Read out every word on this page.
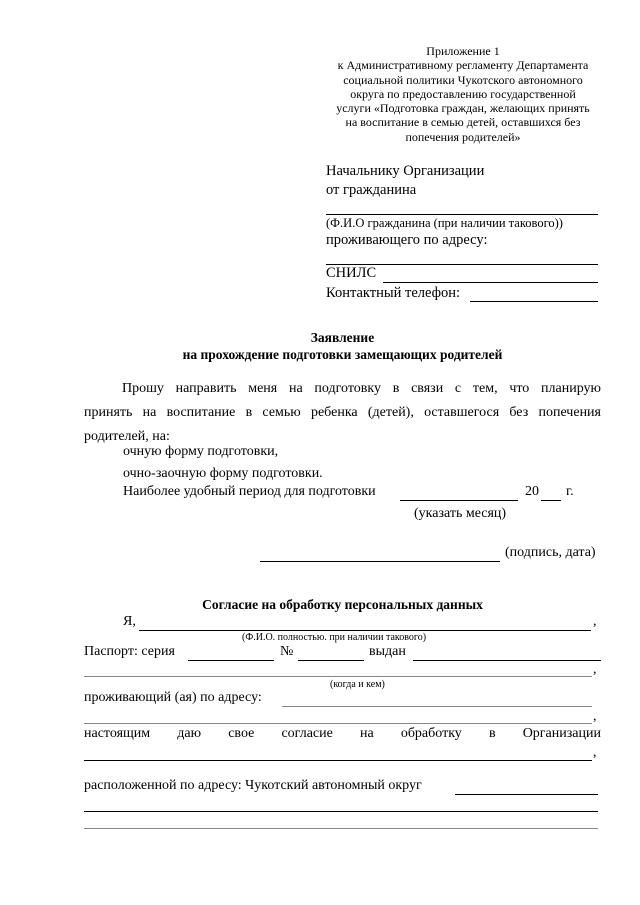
Приложение 1
к Административному регламенту Департамента
социальной политики Чукотского автономного
округа по предоставлению государственной
услуги «Подготовка граждан, желающих принять
на воспитание в семью детей, оставшихся без
попечения родителей»
Начальнику Организации
от гражданина
(Ф.И.О гражданина (при наличии такового))
проживающего по адресу:
СНИЛС
Контактный телефон:
Заявление
на прохождение подготовки замещающих родителей
Прошу направить меня на подготовку в связи с тем, что планирую
принять на воспитание в семью ребенка (детей), оставшегося без попечения
родителей, на:
очную форму подготовки,
очно-заочную форму подготовки.
Наиболее удобный период для подготовки	20 г.
(указать месяц)
(подпись, дата)
Согласие на обработку персональных данных
Я,	,
(Ф.И.О. полностью. при наличии такового)
Паспорт: серия	№	выдан
,
(когда и кем)
проживающий (ая) по адресу:
,
настоящим даю свое согласие на обработку в Организации
,
расположенной по адресу: Чукотский автономный округ
